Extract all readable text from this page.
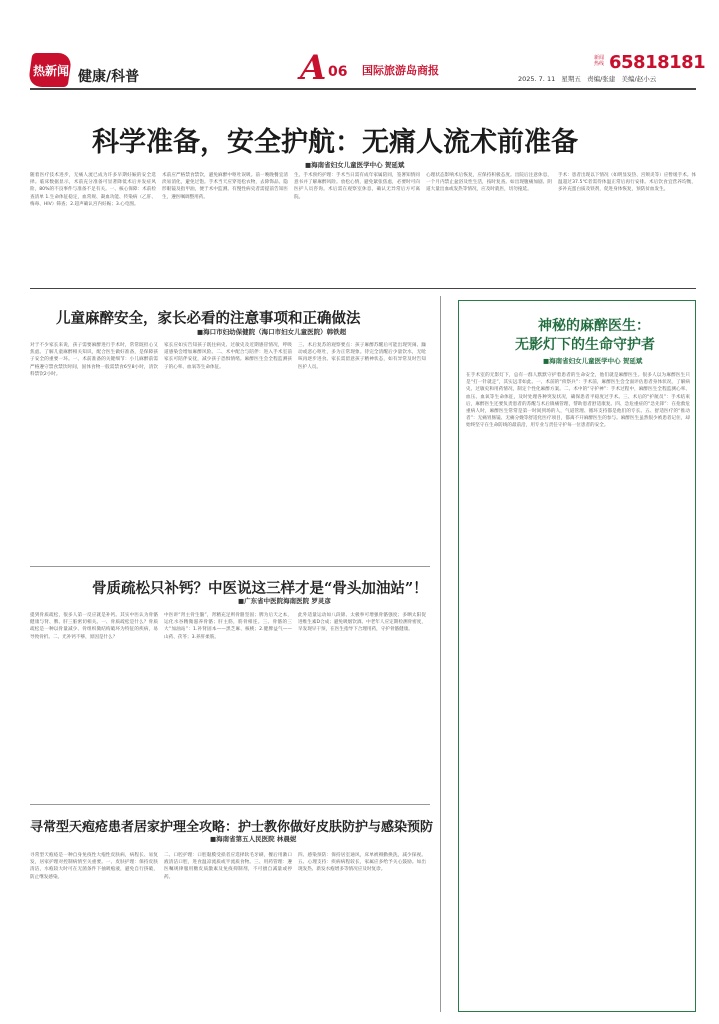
热新闻 健康/科普	A 06 国际旅游岛商报
新闻热线 65818181
2025. 7. 11   星期五   责编/张建   美编/赵小云
科学准备，安全护航：无痛人流术前准备
■海南省妇女儿童医学中心 贺延斌
随着医疗技术进步，无痛人流已成为许多早期妊娠的安全选择。临床数据显示，术前充分准备可显著降低术后并发症风险，80%的不良事件与准备不足有关。一、核心保障：术前检查清单 1.生命体征稳定，血常规、凝血功能、传染病（乙肝、梅毒、HIV）筛查；2.超声确认宫内妊娠；3.心电图。
术前应严格禁食禁饮，避免麻醉中呕吐误吸。前一晚晚餐宜清淡易消化，避免过饱。手术当天应穿宽松衣物，去除饰品、隐形眼镜及指甲油，便于术中监测。有慢性病史者需提前告知医生，遵医嘱调整用药。
生、手术预约护理：手术当日需有成年家属陪同，签署知情同意书并了解麻醉风险。放松心情，避免紧张焦虑，必要时可向医护人员咨询。术后需在观察室休息，确认无异常后方可离院。
心理状态影响术后恢复，应保持积极态度。出院后注意休息，一个月内禁止盆浴及性生活，按时复查。如出现腹痛加剧、阴道大量出血或发热等情况，应及时就医，切勿拖延。
手术：患者出现以下情况（如明显发热、宫颊炎等）应暂缓手术。体温超过37.5℃者需待体温正常后再行安排。术后饮食宜营养均衡，多补充蛋白质及铁剂，促进身体恢复，预防贫血发生。
儿童麻醉安全，家长必看的注意事项和正确做法
■海口市妇幼保健院（海口市妇女儿童医院）韩铁超
对于不少家长来说，孩子需要麻醉进行手术时，常常既担心又焦虑。了解儿童麻醉相关知识，配合医生做好准备，是保障孩子安全的重要一环。一、术前准备的关键细节：小儿麻醉前需严格遵守禁食禁饮时间，固体食物一般需禁食6至8小时，清饮料禁饮2小时。
家长应如实告知孩子既往病史、过敏史及近期感冒情况，呼吸道感染会增加麻醉风险。二、术中配合与陪伴：进入手术室前家长可陪伴安抚，减少孩子恐惧情绪。麻醉医生会全程监测孩子的心率、血氧等生命体征。
三、术后复苏的观察要点：孩子麻醉苏醒后可能出现哭闹、躁动或恶心呕吐，多为正常现象。待完全清醒后少量饮水，无呛咳再逐步进食。家长需留意孩子精神状态，如有异常及时告知医护人员。
骨质疏松只补钙？中医说这三样才是“骨头加油站”！
■广东省中医院海南医院 罗灵彦
提到骨质疏松，很多人第一反应就是补钙。其实中医认为骨骼健康与肾、脾、肝三脏密切相关。一、骨质疏松是什么？骨质疏松是一种以骨量减少、骨组织微结构破坏为特征的疾病，易导致骨折。二、光补钙不够，原因是什么？
中医讲“肾主骨生髓”，肾精充足则骨骼坚固；脾为后天之本，运化水谷精微滋养骨骼；肝主筋，筋骨相连。三、骨骼的三大“加油站”：1.补肾固本——黑芝麻、核桃；2.健脾益气——山药、茯苓；3.养肝柔筋。
此外适量运动如八段锦、太极拳可增强骨骼强度；多晒太阳促进维生素D合成；避免吸烟饮酒。中老年人应定期检测骨密度，早发现早干预，在医生指导下合理用药，守护骨骼健康。
寻常型天疱疮患者居家护理全攻略：护士教你做好皮肤防护与感染预防
■海南省第五人民医院 林晨妮
寻常型天疱疮是一种自身免疫性大疱性皮肤病，病程长、易复发，居家护理对控制病情至关重要。一、皮肤护理：保持皮肤清洁，水疱较大时可在无菌条件下抽吸疱液，避免自行挤破，防止继发感染。
二、口腔护理：口腔黏膜受损者应选择软毛牙刷，餐后用漱口液清洁口腔，进食温凉流质或半流质食物。三、用药管理：遵医嘱规律服用糖皮质激素及免疫抑制剂，不可擅自减量或停药。
四、感染预防：保持居室通风，床单被褥勤换洗，减少探视。五、心理支持：疾病病程较长，家属应多给予关心鼓励。如出现发热、新发水疱增多等情况应及时复诊。
神秘的麻醉医生：
无影灯下的生命守护者
■海南省妇女儿童医学中心 贺延斌
在手术室的无影灯下，总有一群人默默守护着患者的生命安全，他们就是麻醉医生。很多人以为麻醉医生只是“打一针就走”，其实远非如此。一、术前的“侦察兵”：手术前，麻醉医生会全面评估患者身体状况，了解病史、过敏史和用药情况，制定个性化麻醉方案。二、术中的“守护神”：手术过程中，麻醉医生全程监测心率、血压、血氧等生命体征，及时处理各种突发状况，确保患者平稳度过手术。三、术后的“护航员”：手术结束后，麻醉医生还要负责患者的苏醒与术后镇痛管理，帮助患者舒适康复。四、急危重症的“急先锋”：在抢救危重病人时，麻醉医生常常是第一时间到场的人，气道管理、循环支持都是他们的专长。五、舒适医疗的“推动者”：无痛胃肠镜、无痛分娩等舒适化医疗项目，都离不开麻醉医生的参与。麻醉医生虽然很少被患者记住，却始终坚守在生命防线的最前沿，用专业与责任守护每一位患者的安全。
